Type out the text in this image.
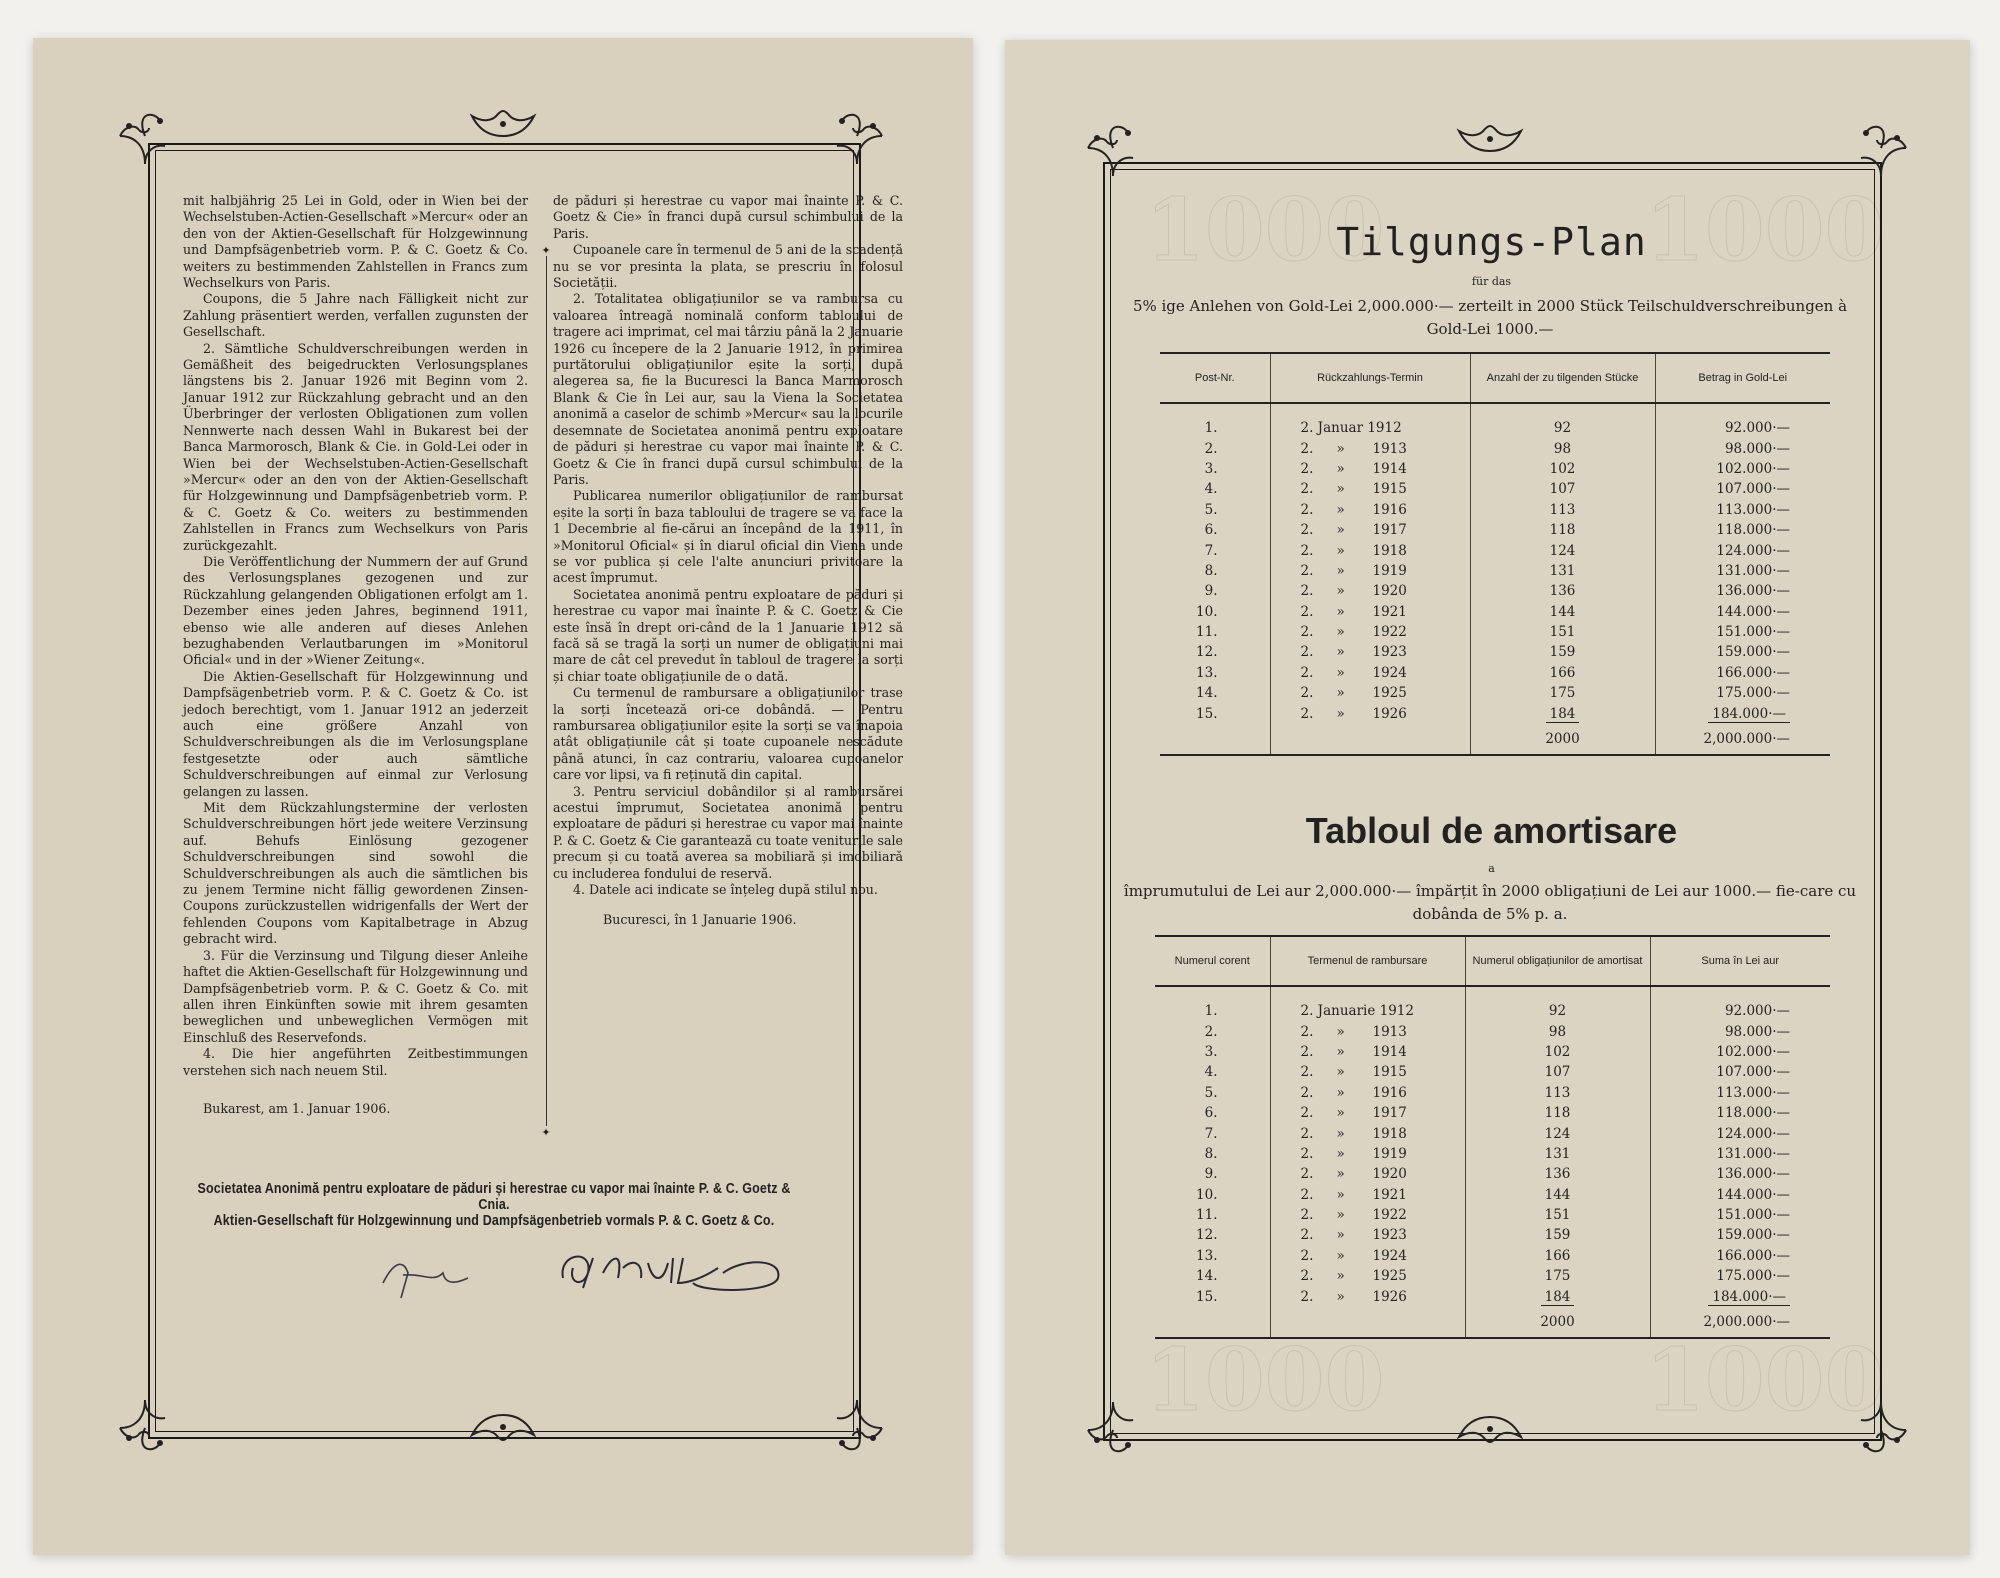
mit halbjährig 25 Lei in Gold, oder in Wien bei der Wechselstuben-Actien-Gesellschaft »Mercur« oder an den von der Aktien-Gesellschaft für Holzgewinnung und Dampfsägenbetrieb vorm. P. & C. Goetz & Co. weiters zu bestimmenden Zahlstellen in Francs zum Wechselkurs von Paris.

Coupons, die 5 Jahre nach Fälligkeit nicht zur Zahlung präsentiert werden, verfallen zugunsten der Gesellschaft.

2. Sämtliche Schuldverschreibungen werden in Gemäßheit des beigedruckten Verlosungsplanes längstens bis 2. Januar 1926 mit Beginn vom 2. Januar 1912 zur Rückzahlung gebracht und an den Überbringer der verlosten Obligationen zum vollen Nennwerte nach dessen Wahl in Bukarest bei der Banca Marmorosch, Blank & Cie. in Gold-Lei oder in Wien bei der Wechselstuben-Actien-Gesellschaft »Mercur« oder an den von der Aktien-Gesellschaft für Holzgewinnung und Dampfsägenbetrieb vorm. P. & C. Goetz & Co. weiters zu bestimmenden Zahlstellen in Francs zum Wechselkurs von Paris zurückgezahlt.

Die Veröffentlichung der Nummern der auf Grund des Verlosungsplanes gezogenen und zur Rückzahlung gelangenden Obligationen erfolgt am 1. Dezember eines jeden Jahres, beginnend 1911, ebenso wie alle anderen auf dieses Anlehen bezughabenden Verlautbarungen im »Monitorul Oficial« und in der »Wiener Zeitung«.

Die Aktien-Gesellschaft für Holzgewinnung und Dampfsägenbetrieb vorm. P. & C. Goetz & Co. ist jedoch berechtigt, vom 1. Januar 1912 an jederzeit auch eine größere Anzahl von Schuldverschreibungen als die im Verlosungsplane festgesetzte oder auch sämtliche Schuldverschreibungen auf einmal zur Verlosung gelangen zu lassen.

Mit dem Rückzahlungstermine der verlosten Schuldverschreibungen hört jede weitere Verzinsung auf. Behufs Einlösung gezogener Schuldverschreibungen sind sowohl die Schuldverschreibungen als auch die sämtlichen bis zu jenem Termine nicht fällig gewordenen Zinsen-Coupons zurückzustellen widrigenfalls der Wert der fehlenden Coupons vom Kapitalbetrage in Abzug gebracht wird.

3. Für die Verzinsung und Tilgung dieser Anleihe haftet die Aktien-Gesellschaft für Holzgewinnung und Dampfsägenbetrieb vorm. P. & C. Goetz & Co. mit allen ihren Einkünften sowie mit ihrem gesamten beweglichen und unbeweglichen Vermögen mit Einschluß des Reservefonds.

4. Die hier angeführten Zeitbestimmungen verstehen sich nach neuem Stil.

Bukarest, am 1. Januar 1906.
✦
✦

de păduri și herestrae cu vapor mai înainte P. & C. Goetz & Cie» în franci după cursul schimbului de la Paris.

Cupoanele care în termenul de 5 ani de la scadență nu se vor presinta la plata, se prescriu în folosul Societății.

2. Totalitatea obligațiunilor se va rambursa cu valoarea întreagă nominală conform tabloului de tragere aci imprimat, cel mai târziu până la 2 Januarie 1926 cu începere de la 2 Januarie 1912, în primirea purtătorului obligațiunilor eșite la sorți, după alegerea sa, fie la Bucuresci la Banca Marmorosch Blank & Cie în Lei aur, sau la Viena la Societatea anonimă a caselor de schimb »Mercur« sau la locurile desemnate de Societatea anonimă pentru exploatare de păduri și herestrae cu vapor mai înainte P. & C. Goetz & Cie în franci după cursul schimbului de la Paris.

Publicarea numerilor obligațiunilor de rambursat eșite la sorți în baza tabloului de tragere se va face la 1 Decembrie al fie-cărui an începând de la 1911, în »Monitorul Oficial« și în diarul oficial din Viena unde se vor publica și cele l'alte anunciuri privitoare la acest împrumut.

Societatea anonimă pentru exploatare de păduri și herestrae cu vapor mai înainte P. & C. Goetz & Cie este însă în drept ori-când de la 1 Januarie 1912 să facă să se tragă la sorți un numer de obligațiuni mai mare de cât cel prevedut în tabloul de tragere la sorți și chiar toate obligațiunile de o dată.

Cu termenul de rambursare a obligațiunilor trase la sorți încetează ori-ce dobândă. — Pentru rambursarea obligațiunilor eșite la sorți se va înapoia atât obligațiunile cât și toate cupoanele nescădute până atunci, în caz contrariu, valoarea cupoanelor care vor lipsi, va fi reținută din capital.

3. Pentru serviciul dobândilor și al rambursărei acestui împrumut, Societatea anonimă pentru exploatare de păduri și herestrae cu vapor mai înainte P. & C. Goetz & Cie garantează cu toate veniturile sale precum și cu toată averea sa mobiliară și imobiliară cu includerea fondului de reservă.

4. Datele aci indicate se înțeleg după stilul nou.

Bucuresci, în 1 Januarie 1906.
Societatea Anonimă pentru exploatare de păduri și herestrae cu vapor mai înainte P. & C. Goetz & Cnia.
Aktien-Gesellschaft für Holzgewinnung und Dampfsägenbetrieb vormals P. & C. Goetz & Co.
1000	1000
1000	1000
Tilgungs-Plan
für das
5% ige Anlehen von Gold-Lei 2,000.000·— zerteilt in 2000 Stück Teilschuldverschreibungen à Gold-Lei 1000.—
Post-Nr.	Rückzahlungs-Termin	Anzahl der zu tilgenden Stücke	Betrag in Gold-Lei

1.	2. Januar 1912	92	92.000·—
2.	2. » 1913	98	98.000·—
3.	2. » 1914	102	102.000·—
4.	2. » 1915	107	107.000·—
5.	2. » 1916	113	113.000·—
6.	2. » 1917	118	118.000·—
7.	2. » 1918	124	124.000·—
8.	2. » 1919	131	131.000·—
9.	2. » 1920	136	136.000·—
10.	2. » 1921	144	144.000·—
11.	2. » 1922	151	151.000·—
12.	2. » 1923	159	159.000·—
13.	2. » 1924	166	166.000·—
14.	2. » 1925	175	175.000·—
15.	2. » 1926	184	184.000·—
		2000	2,000.000·—
Tabloul de amortisare
a
împrumutului de Lei aur 2,000.000·— împărțit în 2000 obligațiuni de Lei aur 1000.— fie-care cu dobânda de 5% p. a.
Numerul corent	Termenul de rambursare	Numerul obligațiunilor de amortisat	Suma în Lei aur

1.	2. Januarie 1912	92	92.000·—
2.	2. » 1913	98	98.000·—
3.	2. » 1914	102	102.000·—
4.	2. » 1915	107	107.000·—
5.	2. » 1916	113	113.000·—
6.	2. » 1917	118	118.000·—
7.	2. » 1918	124	124.000·—
8.	2. » 1919	131	131.000·—
9.	2. » 1920	136	136.000·—
10.	2. » 1921	144	144.000·—
11.	2. » 1922	151	151.000·—
12.	2. » 1923	159	159.000·—
13.	2. » 1924	166	166.000·—
14.	2. » 1925	175	175.000·—
15.	2. » 1926	184	184.000·—
		2000	2,000.000·—
